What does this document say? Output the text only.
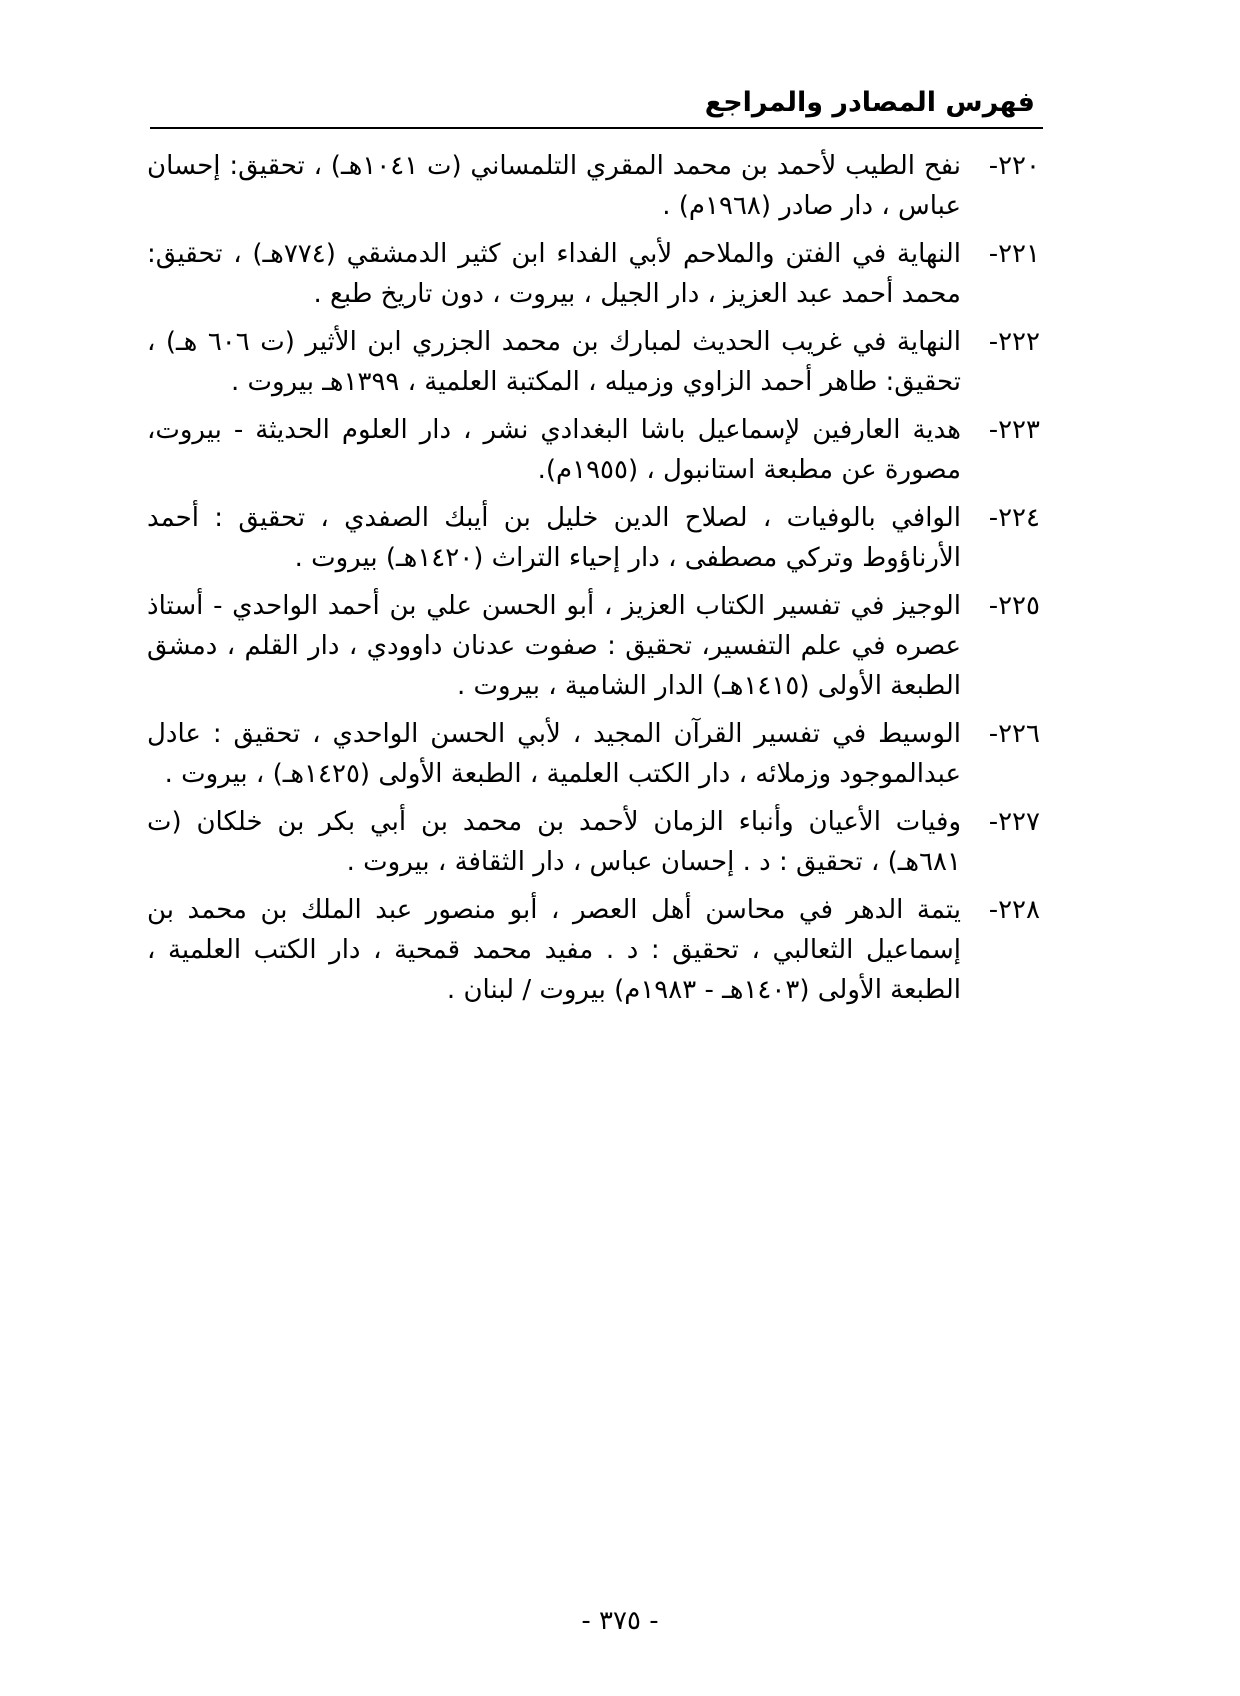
فهرس المصادر والمراجع
٢٢٠-
نفح الطيب لأحمد بن محمد المقري التلمساني (ت ١٠٤١هـ) ، تحقيق: إحسان عباس ، دار صادر (١٩٦٨م) .
٢٢١-
النهاية في الفتن والملاحم لأبي الفداء ابن كثير الدمشقي (٧٧٤هـ) ، تحقيق: محمد أحمد عبد العزيز ، دار الجيل ، بيروت ، دون تاريخ طبع .
٢٢٢-
النهاية في غريب الحديث لمبارك بن محمد الجزري ابن الأثير (ت ٦٠٦ هـ) ، تحقيق: طاهر أحمد الزاوي وزميله ، المكتبة العلمية ، ١٣٩٩هـ بيروت .
٢٢٣-
هدية العارفين لإسماعيل باشا البغدادي نشر ، دار العلوم الحديثة - بيروت، مصورة عن مطبعة استانبول ، (١٩٥٥م).
٢٢٤-
الوافي بالوفيات ، لصلاح الدين خليل بن أيبك الصفدي ، تحقيق : أحمد الأرناؤوط وتركي مصطفى ، دار إحياء التراث (١٤٢٠هـ) بيروت .
٢٢٥-
الوجيز في تفسير الكتاب العزيز ، أبو الحسن علي بن أحمد الواحدي - أستاذ عصره في علم التفسير، تحقيق : صفوت عدنان داوودي ، دار القلم ، دمشق الطبعة الأولى (١٤١٥هـ) الدار الشامية ، بيروت .
٢٢٦-
الوسيط في تفسير القرآن المجيد ، لأبي الحسن الواحدي ، تحقيق : عادل عبدالموجود وزملائه ، دار الكتب العلمية ، الطبعة الأولى (١٤٢٥هـ) ، بيروت .
٢٢٧-
وفيات الأعيان وأنباء الزمان لأحمد بن محمد بن أبي بكر بن خلكان (ت ٦٨١هـ) ، تحقيق : د . إحسان عباس ، دار الثقافة ، بيروت .
٢٢٨-
يتمة الدهر في محاسن أهل العصر ، أبو منصور عبد الملك بن محمد بن إسماعيل الثعالبي ، تحقيق : د . مفيد محمد قمحية ، دار الكتب العلمية ، الطبعة الأولى (١٤٠٣هـ - ١٩٨٣م) بيروت / لبنان .
- ٣٧٥ -
